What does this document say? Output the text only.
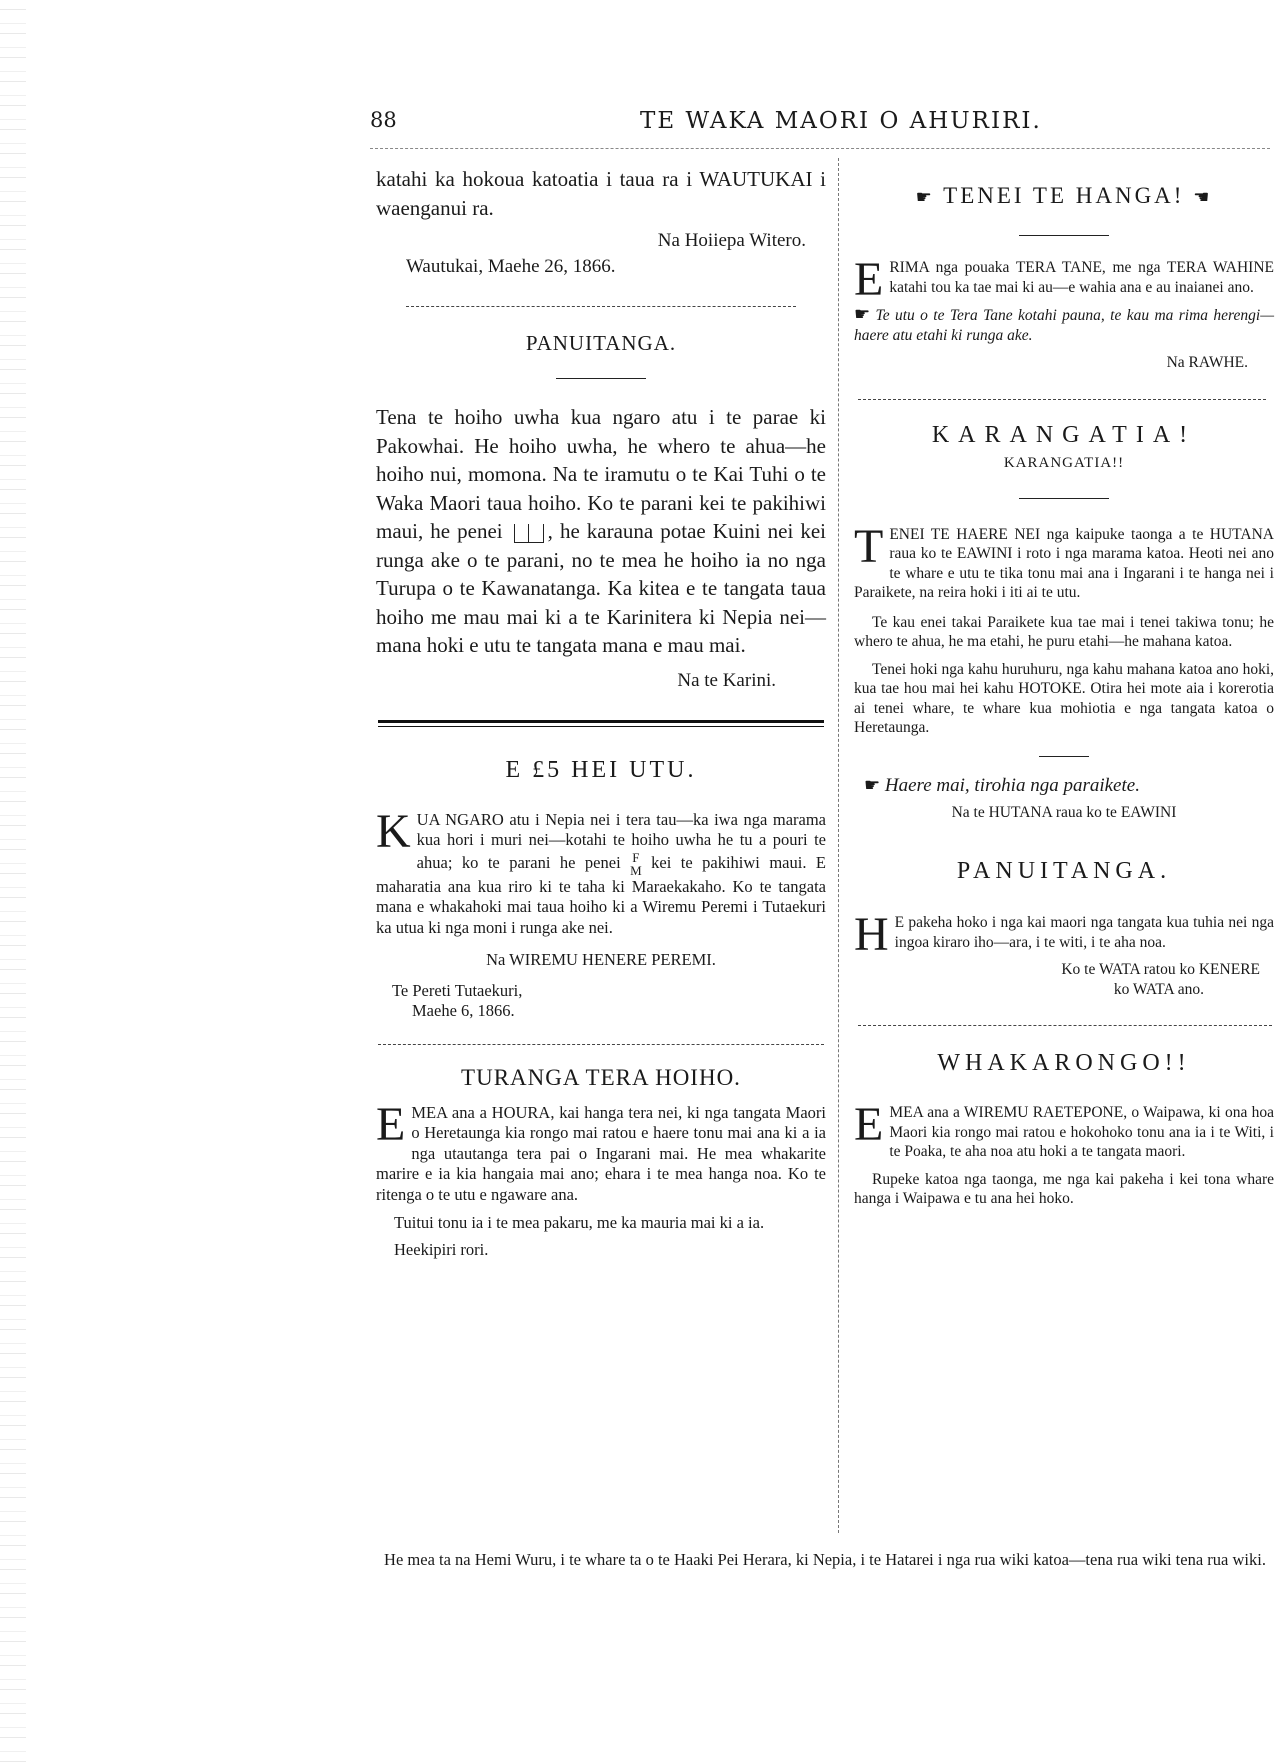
88	TE WAKA MAORI O AHURIRI.

katahi ka hokoua katoatia i taua ra i WAUTUKAI i waenganui ra.

Na Hoiiepa Witero.

Wautukai, Maehe 26, 1866.

PANUITANGA.

Tena te hoiho uwha kua ngaro atu i te parae ki Pakowhai. He hoiho uwha, he whero te ahua—he hoiho nui, momona. Na te iramutu o te Kai Tuhi o te Waka Maori taua hoiho. Ko te parani kei te pakihiwi maui, he penei , he karauna potae Kuini nei kei runga ake o te parani, no te mea he hoiho ia no nga Turupa o te Kawanatanga. Ka kitea e te tangata taua hoiho me mau mai ki a te Karinitera ki Nepia nei—mana hoki e utu te tangata mana e mau mai.

Na te Karini.

E £5 HEI UTU.

K UA NGARO atu i Nepia nei i tera tau—ka iwa nga marama kua hori i muri nei—kotahi te hoiho uwha he tu a pouri te ahua; ko te parani he penei F
M kei te pakihiwi maui. E maharatia ana kua riro ki te taha ki Maraekakaho. Ko te tangata mana e whakahoki mai taua hoiho ki a Wiremu Peremi i Tutaekuri ka utua ki nga moni i runga ake nei.

Na WIREMU HENERE PEREMI.

Te Pereti Tutaekuri,

Maehe 6, 1866.

TURANGA TERA HOIHO.

E MEA ana a HOURA, kai hanga tera nei, ki nga tangata Maori o Heretaunga kia rongo mai ratou e haere tonu mai ana ki a ia nga utautanga tera pai o Ingarani mai. He mea whakarite marire e ia kia hangaia mai ano; ehara i te mea hanga noa. Ko te ritenga o te utu e ngaware ana.

Tuitui tonu ia i te mea pakaru, me ka mauria mai ki a ia.

Heekipiri rori.

☛ TENEI TE HANGA! ☚

E RIMA nga pouaka TERA TANE, me nga TERA WAHINE katahi tou ka tae mai ki au—e wahia ana e au inaianei ano.

☛ Te utu o te Tera Tane kotahi pauna, te kau ma rima herengi—haere atu etahi ki runga ake.

Na RAWHE.

KARANGATIA!

KARANGATIA!!

T ENEI TE HAERE NEI nga kaipuke taonga a te HUTANA raua ko te EAWINI i roto i nga marama katoa. Heoti nei ano te whare e utu te tika tonu mai ana i Ingarani i te hanga nei i Paraikete, na reira hoki i iti ai te utu.

Te kau enei takai Paraikete kua tae mai i tenei takiwa tonu; he whero te ahua, he ma etahi, he puru etahi—he mahana katoa.

Tenei hoki nga kahu huruhuru, nga kahu mahana katoa ano hoki, kua tae hou mai hei kahu HOTOKE. Otira hei mote aia i korerotia ai tenei whare, te whare kua mohiotia e nga tangata katoa o Heretaunga.

☛ Haere mai, tirohia nga paraikete.

Na te HUTANA raua ko te EAWINI

PANUITANGA.

H E pakeha hoko i nga kai maori nga tangata kua tuhia nei nga ingoa kiraro iho—ara, i te witi, i te aha noa.

Ko te WATA ratou ko KENERE

ko WATA ano.

WHAKARONGO!!

E MEA ana a WIREMU RAETEPONE, o Waipawa, ki ona hoa Maori kia rongo mai ratou e hokohoko tonu ana ia i te Witi, i te Poaka, te aha noa atu hoki a te tangata maori.

Rupeke katoa nga taonga, me nga kai pakeha i kei tona whare hanga i Waipawa e tu ana hei hoko.

He mea ta na Hemi Wuru, i te whare ta o te Haaki Pei Herara, ki Nepia, i te Hatarei i nga rua wiki katoa—tena rua wiki tena rua wiki.
